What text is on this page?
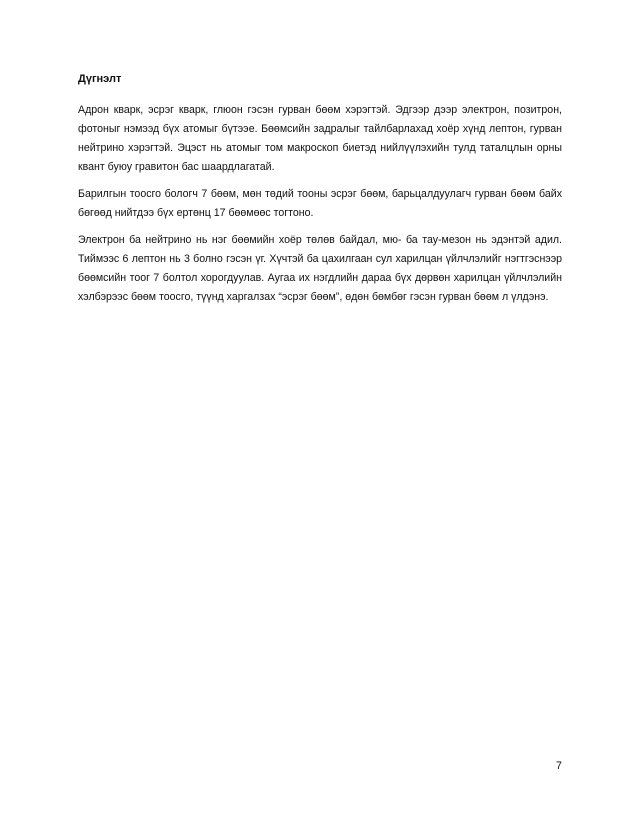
Дүгнэлт

Адрон кварк, эсрэг кварк, глюон гэсэн гурван бөөм хэрэгтэй. Эдгээр дээр электрон, позитрон, фотоныг нэмээд бүх атомыг бүтээе. Бөөмсийн задралыг тайлбарлахад хоёр хүнд лептон, гурван нейтрино хэрэгтэй. Эцэст нь атомыг том макроскоп биетэд нийлүүлэхийн тулд таталцлын орны квант буюу гравитон бас шаардлагатай.

Барилгын тоосго бологч 7 бөөм, мөн төдий тооны эсрэг бөөм, барьцалдуулагч гурван бөөм байх бөгөөд нийтдээ бүх ертөнц 17 бөөмөөс тогтоно.

Электрон ба нейтрино нь нэг бөөмийн хоёр төлөв байдал, мю- ба тау-мезон нь эдэнтэй адил. Тиймээс 6 лептон нь 3 болно гэсэн үг. Хүчтэй ба цахилгаан сул харилцан үйлчлэлийг нэгтгэснээр бөөмсийн тоог 7 болтол хорогдуулав. Аугаа их нэгдлийн дараа бүх дөрвөн харилцан үйлчлэлийн хэлбэрээс бөөм тоосго, түүнд харгалзах “эсрэг бөөм”, өдөн бөмбөг гэсэн гурван бөөм л үлдэнэ.

7
